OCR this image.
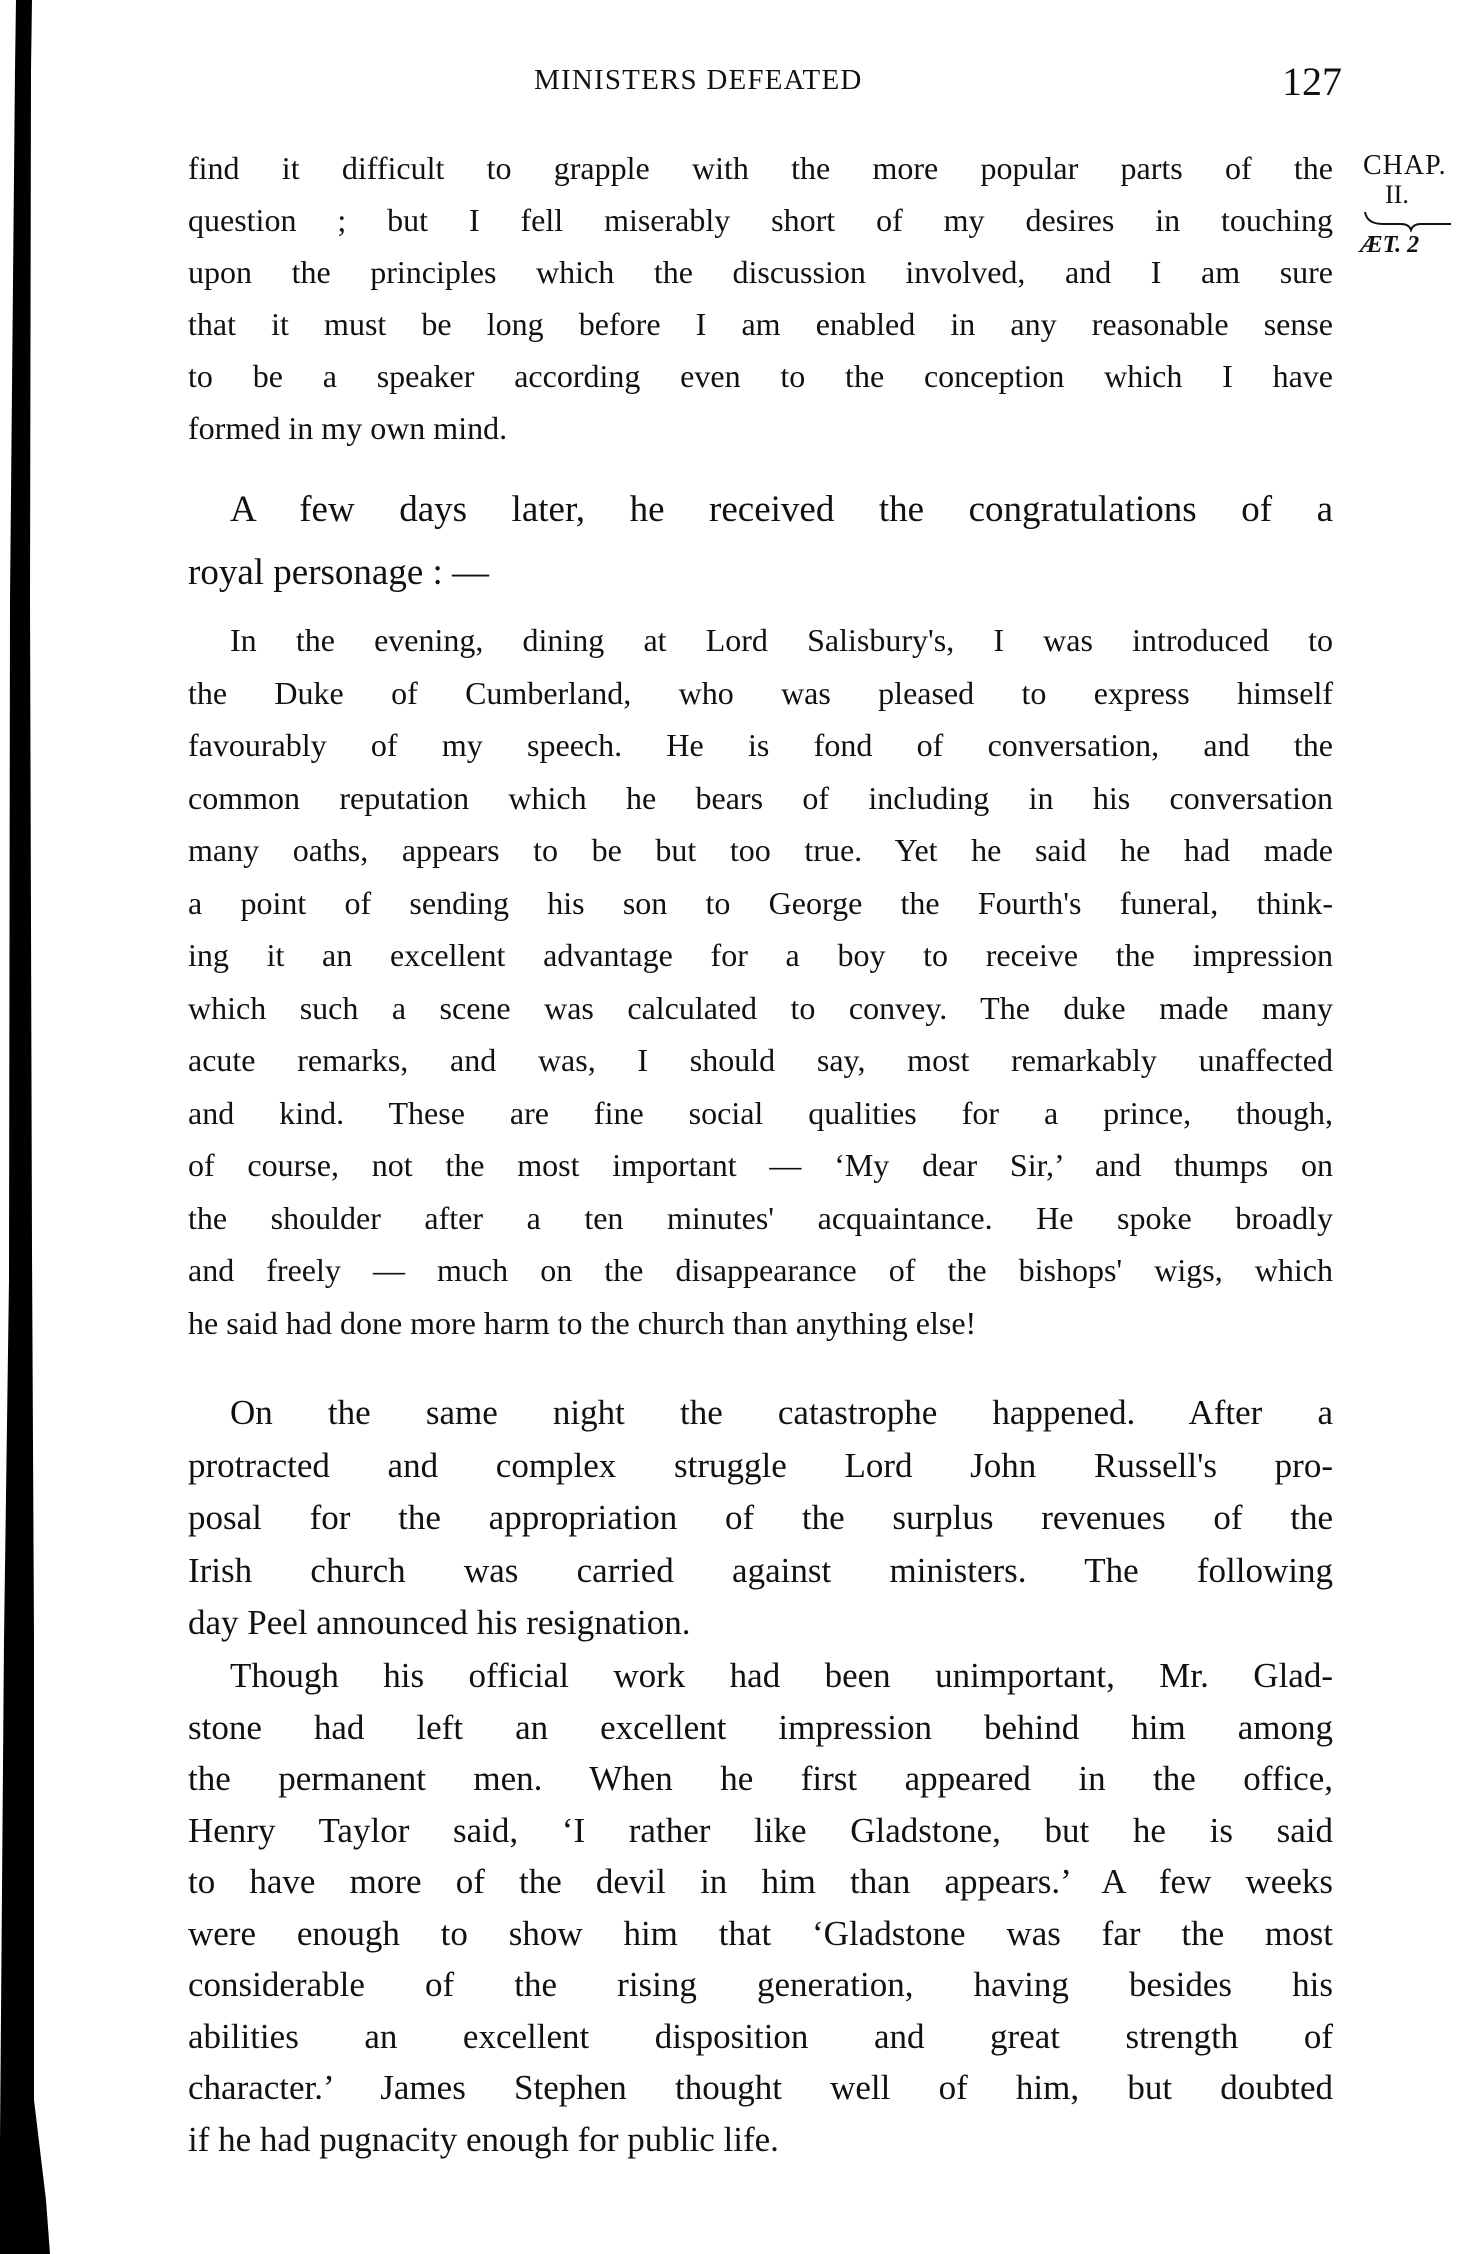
MINISTERS DEFEATED	127
CHAP.
II.
ÆT. 2
find it difficult to grapple with the more popular parts of the
question ; but I fell miserably short of my desires in touching
upon the principles which the discussion involved, and I am sure
that it must be long before I am enabled in any reasonable sense
to be a speaker according even to the conception which I have
formed in my own mind.
A few days later, he received the congratulations of a
royal personage : —
In the evening, dining at Lord Salisbury's, I was introduced to
the Duke of Cumberland, who was pleased to express himself
favourably of my speech. He is fond of conversation, and the
common reputation which he bears of including in his conversation
many oaths, appears to be but too true. Yet he said he had made
a point of sending his son to George the Fourth's funeral, think-
ing it an excellent advantage for a boy to receive the impression
which such a scene was calculated to convey. The duke made many
acute remarks, and was, I should say, most remarkably unaffected
and kind. These are fine social qualities for a prince, though,
of course, not the most important — ‘My dear Sir,’ and thumps on
the shoulder after a ten minutes' acquaintance. He spoke broadly
and freely — much on the disappearance of the bishops' wigs, which
he said had done more harm to the church than anything else!
On the same night the catastrophe happened. After a
protracted and complex struggle Lord John Russell's pro-
posal for the appropriation of the surplus revenues of the
Irish church was carried against ministers. The following
day Peel announced his resignation.
Though his official work had been unimportant, Mr. Glad-
stone had left an excellent impression behind him among
the permanent men. When he first appeared in the office,
Henry Taylor said, ‘I rather like Gladstone, but he is said
to have more of the devil in him than appears.’ A few weeks
were enough to show him that ‘Gladstone was far the most
considerable of the rising generation, having besides his
abilities an excellent disposition and great strength of
character.’ James Stephen thought well of him, but doubted
if he had pugnacity enough for public life.
